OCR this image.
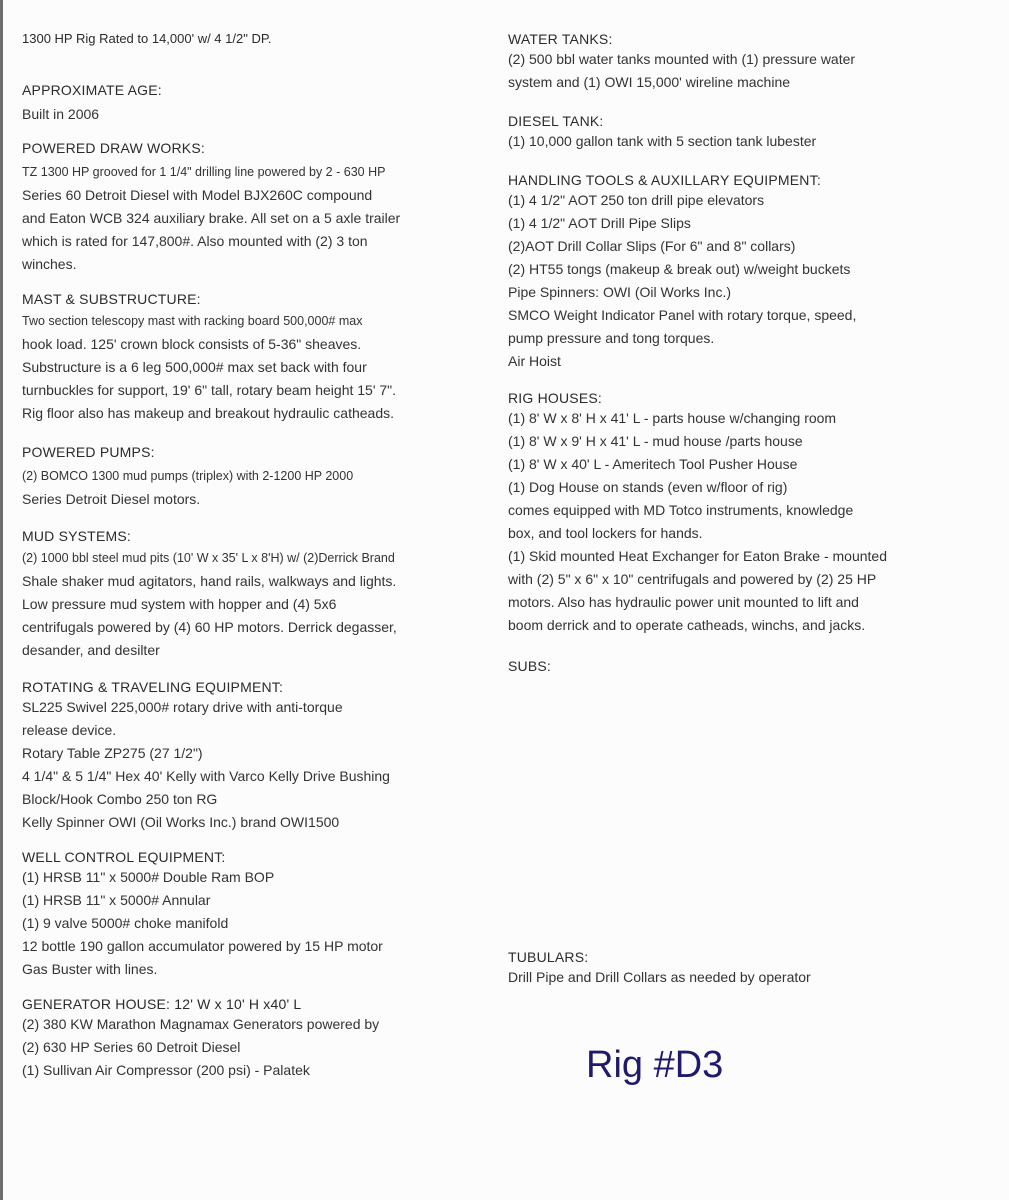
1300 HP Rig Rated to 14,000' w/ 4 1/2" DP.
APPROXIMATE AGE:
Built in 2006
POWERED DRAW WORKS:
TZ 1300 HP grooved for 1 1/4" drilling line powered by 2 - 630 HP
Series 60 Detroit Diesel with Model BJX260C compound
and Eaton WCB 324 auxiliary brake. All set on a 5 axle trailer
which is rated for 147,800#. Also mounted with (2) 3 ton
winches.
MAST & SUBSTRUCTURE:
Two section telescopy mast with racking board 500,000# max
hook load. 125' crown block consists of 5-36" sheaves.
Substructure is a 6 leg 500,000# max set back with four
turnbuckles for support, 19' 6" tall, rotary beam height 15' 7".
Rig floor also has makeup and breakout hydraulic catheads.
POWERED PUMPS:
(2) BOMCO 1300 mud pumps (triplex) with 2-1200 HP 2000
Series Detroit Diesel motors.
MUD SYSTEMS:
(2) 1000 bbl steel mud pits (10' W x 35' L x 8'H) w/ (2)Derrick Brand
Shale shaker mud agitators, hand rails, walkways and lights.
Low pressure mud system with hopper and (4) 5x6
centrifugals powered by (4) 60 HP motors. Derrick degasser,
desander, and desilter
ROTATING & TRAVELING EQUIPMENT:
SL225 Swivel 225,000# rotary drive with anti-torque
release device.
Rotary Table ZP275 (27 1/2")
4 1/4" & 5 1/4" Hex 40' Kelly with Varco Kelly Drive Bushing
Block/Hook Combo 250 ton RG
Kelly Spinner OWI (Oil Works Inc.) brand OWI1500
WELL CONTROL EQUIPMENT:
(1) HRSB 11" x 5000# Double Ram BOP
(1) HRSB 11" x 5000# Annular
(1) 9 valve 5000# choke manifold
12 bottle 190 gallon accumulator powered by 15 HP motor
Gas Buster with lines.
GENERATOR HOUSE: 12' W x 10' H x40' L
(2) 380 KW Marathon Magnamax Generators powered by
(2) 630 HP Series 60 Detroit Diesel
(1) Sullivan Air Compressor (200 psi) - Palatek
WATER TANKS:
(2) 500 bbl water tanks mounted with (1) pressure water
system and (1) OWI 15,000' wireline machine
DIESEL TANK:
(1) 10,000 gallon tank with 5 section tank lubester
HANDLING TOOLS & AUXILLARY EQUIPMENT:
(1) 4 1/2" AOT 250 ton drill pipe elevators
(1) 4 1/2" AOT Drill Pipe Slips
(2)AOT Drill Collar Slips (For 6" and 8" collars)
(2) HT55 tongs (makeup & break out) w/weight buckets
Pipe Spinners: OWI (Oil Works Inc.)
SMCO Weight Indicator Panel with rotary torque, speed,
pump pressure and tong torques.
Air Hoist
RIG HOUSES:
(1) 8' W x 8' H x 41' L - parts house w/changing room
(1) 8' W x 9' H x 41' L - mud house /parts house
(1) 8' W x 40' L - Ameritech Tool Pusher House
(1) Dog House on stands (even w/floor of rig)
comes equipped with MD Totco instruments, knowledge
box, and tool lockers for hands.
(1) Skid mounted Heat Exchanger for Eaton Brake - mounted
with (2) 5" x 6" x 10" centrifugals and powered by (2) 25 HP
motors. Also has hydraulic power unit mounted to lift and
boom derrick and to operate catheads, winchs, and jacks.
SUBS:
TUBULARS:
Drill Pipe and Drill Collars as needed by operator
Rig #D3
